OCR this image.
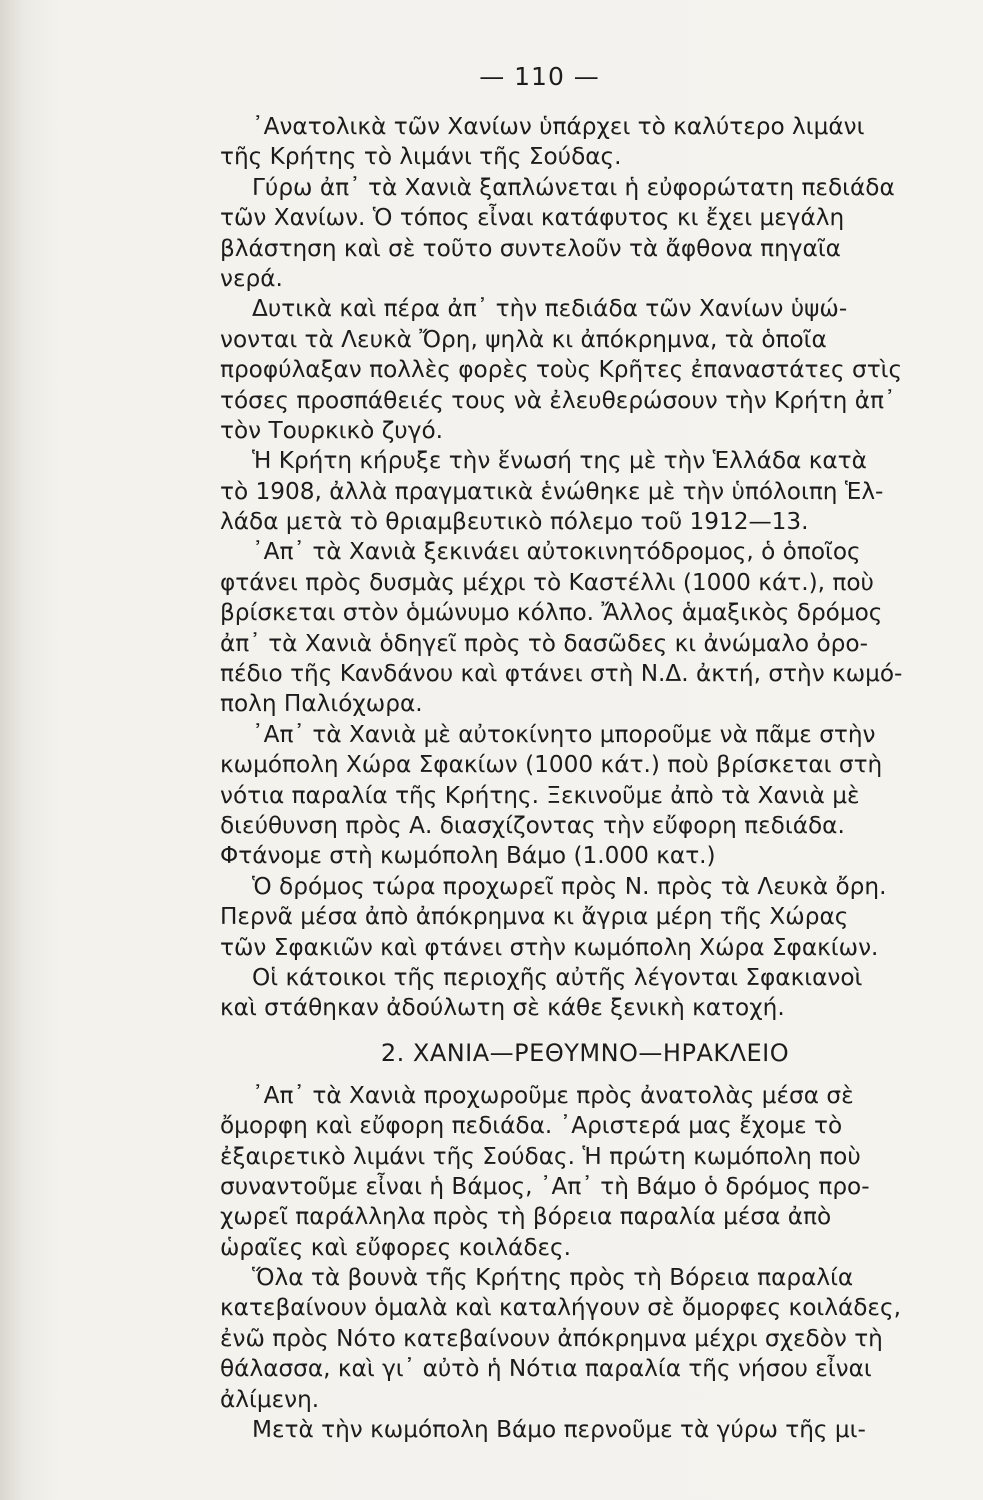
— 110 —
᾿Ανατολικὰ τῶν Χανίων ὑπάρχει τὸ καλύτερο λιμάνι
τῆς Κρήτης τὸ λιμάνι τῆς Σούδας.
Γύρω ἀπ᾿ τὰ Χανιὰ ξαπλώνεται ἡ εὐφορώτατη πεδιάδα
τῶν Χανίων. Ὁ τόπος εἶναι κατάφυτος κι ἔχει μεγάλη
βλάστηση καὶ σὲ τοῦτο συντελοῦν τὰ ἄφθονα πηγαῖα
νερά.
Δυτικὰ καὶ πέρα ἀπ᾿ τὴν πεδιάδα τῶν Χανίων ὑψώ-
νονται τὰ Λευκὰ Ὄρη, ψηλὰ κι ἀπόκρημνα, τὰ ὁποῖα
προφύλαξαν πολλὲς φορὲς τοὺς Κρῆτες ἐπαναστάτες στὶς
τόσες προσπάθειές τους νὰ ἐλευθερώσουν τὴν Κρήτη ἀπ᾿
τὸν Τουρκικὸ ζυγό.
Ἡ Κρήτη κήρυξε τὴν ἕνωσή της μὲ τὴν Ἑλλάδα κατὰ
τὸ 1908, ἀλλὰ πραγματικὰ ἑνώθηκε μὲ τὴν ὑπόλοιπη Ἑλ-
λάδα μετὰ τὸ θριαμβευτικὸ πόλεμο τοῦ 1912—13.
᾿Απ᾿ τὰ Χανιὰ ξεκινάει αὐτοκινητόδρομος, ὁ ὁποῖος
φτάνει πρὸς δυσμὰς μέχρι τὸ Καστέλλι (1000 κάτ.), ποὺ
βρίσκεται στὸν ὁμώνυμο κόλπο. Ἄλλος ἁμαξικὸς δρόμος
ἀπ᾿ τὰ Χανιὰ ὁδηγεῖ πρὸς τὸ δασῶδες κι ἀνώμαλο ὀρο-
πέδιο τῆς Κανδάνου καὶ φτάνει στὴ Ν.Δ. ἀκτή, στὴν κωμό-
πολη Παλιόχωρα.
᾿Απ᾿ τὰ Χανιὰ μὲ αὐτοκίνητο μποροῦμε νὰ πᾶμε στὴν
κωμόπολη Χώρα Σφακίων (1000 κάτ.) ποὺ βρίσκεται στὴ
νότια παραλία τῆς Κρήτης. Ξεκινοῦμε ἀπὸ τὰ Χανιὰ μὲ
διεύθυνση πρὸς Α. διασχίζοντας τὴν εὔφορη πεδιάδα.
Φτάνομε στὴ κωμόπολη Βάμο (1.000 κατ.)
Ὁ δρόμος τώρα προχωρεῖ πρὸς Ν. πρὸς τὰ Λευκὰ ὄρη.
Περνᾶ μέσα ἀπὸ ἀπόκρημνα κι ἄγρια μέρη τῆς Χώρας
τῶν Σφακιῶν καὶ φτάνει στὴν κωμόπολη Χώρα Σφακίων.
Οἱ κάτοικοι τῆς περιοχῆς αὐτῆς λέγονται Σφακιανοὶ
καὶ στάθηκαν ἀδούλωτη σὲ κάθε ξενικὴ κατοχή.
2. ΧΑΝΙΑ—ΡΕΘΥΜΝΟ—ΗΡΑΚΛΕΙΟ
᾿Απ᾿ τὰ Χανιὰ προχωροῦμε πρὸς ἀνατολὰς μέσα σὲ
ὄμορφη καὶ εὔφορη πεδιάδα. ᾿Αριστερά μας ἔχομε τὸ
ἐξαιρετικὸ λιμάνι τῆς Σούδας. Ἡ πρώτη κωμόπολη ποὺ
συναντοῦμε εἶναι ἡ Βάμος, ᾿Απ᾿ τὴ Βάμο ὁ δρόμος προ-
χωρεῖ παράλληλα πρὸς τὴ βόρεια παραλία μέσα ἀπὸ
ὡραῖες καὶ εὔφορες κοιλάδες.
Ὅλα τὰ βουνὰ τῆς Κρήτης πρὸς τὴ Βόρεια παραλία
κατεβαίνουν ὁμαλὰ καὶ καταλήγουν σὲ ὄμορφες κοιλάδες,
ἐνῶ πρὸς Νότο κατεβαίνουν ἀπόκρημνα μέχρι σχεδὸν τὴ
θάλασσα, καὶ γι᾿ αὐτὸ ἡ Νότια παραλία τῆς νήσου εἶναι
ἀλίμενη.
Μετὰ τὴν κωμόπολη Βάμο περνοῦμε τὰ γύρω τῆς μι-
